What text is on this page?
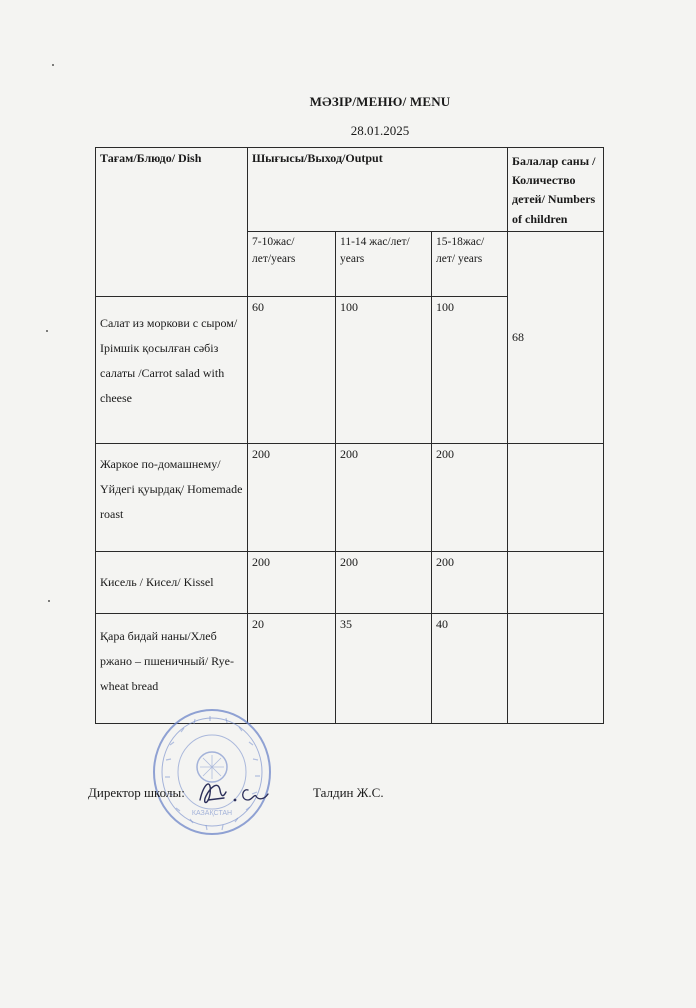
МӘЗІР/МЕНЮ/ MENU
28.01.2025
Тағам/Блюдо/ Dish	Шығысы/Выход/Output			Балалар саны /Количество детей/ Numbers of children
	7-10жас/лет/years	11-14 жас/лет/ years	15-18жас/лет/ years	68
Салат из моркови с сыром/ Ірімшік қосылған сәбіз салаты /Carrot salad with cheese	60	100	100	
Жаркое по-домашнему/ Үйдегі қуырдақ/ Homemade roast	200	200	200	
Кисель / Кисел/ Kissel	200	200	200	
Қара бидай наны/Хлеб ржано – пшеничный/ Rye-wheat bread	20	35	40	
КАЗАҚСТАН
Директор школы:	Талдин Ж.С.
